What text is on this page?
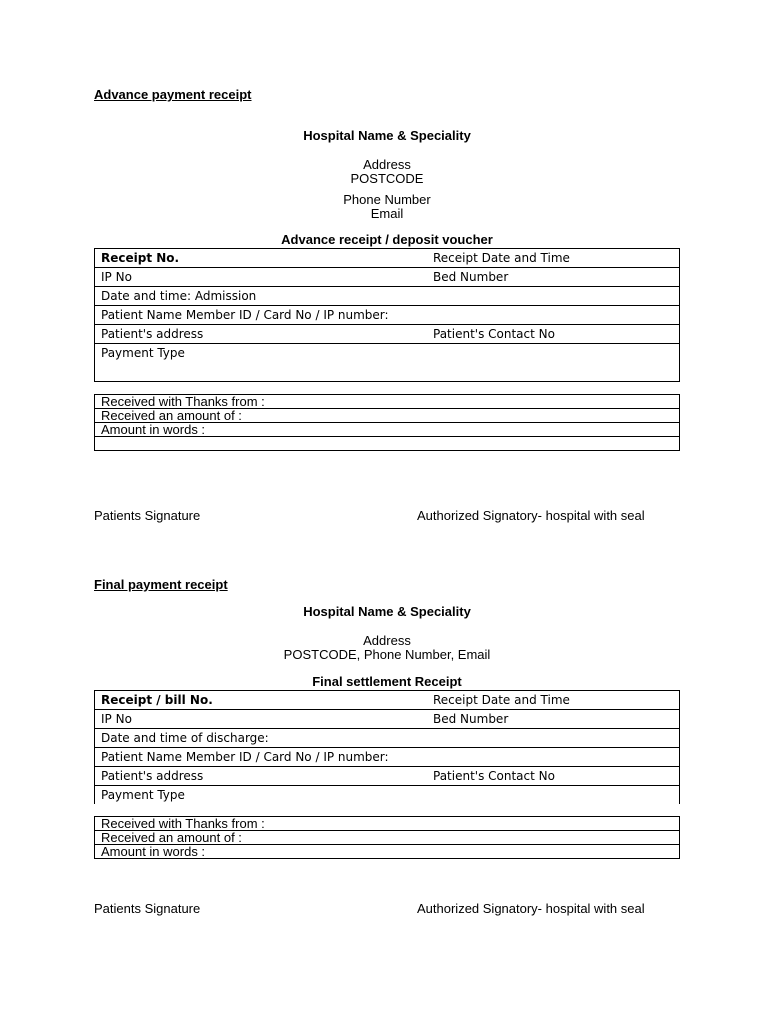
Advance payment receipt
Hospital Name & Speciality
Address
POSTCODE
Phone Number
Email
Advance receipt / deposit voucher
Receipt No.	Receipt Date and Time
IP No	Bed Number
Date and time: Admission	
Patient Name Member ID / Card No / IP number:	
Patient's address	Patient's Contact No
Payment Type	
Received with Thanks from :
Received an amount of :
Amount in words :

Patients Signature	Authorized Signatory- hospital with seal
Final payment receipt
Hospital Name & Speciality
Address
POSTCODE, Phone Number, Email
Final settlement Receipt
Receipt / bill No.	Receipt Date and Time
IP No	Bed Number
Date and time of discharge:	
Patient Name Member ID / Card No / IP number:	
Patient's address	Patient's Contact No
Payment Type	
Received with Thanks from :
Received an amount of :
Amount in words :
Patients Signature	Authorized Signatory- hospital with seal
